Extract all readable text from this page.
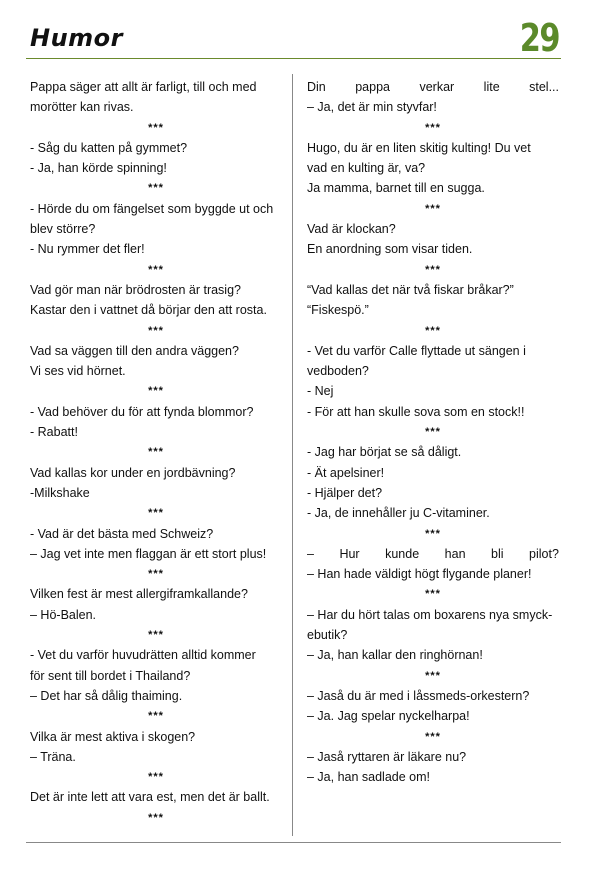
Humor	29
Pappa säger att allt är farligt, till och med
morötter kan rivas.
***
- Såg du katten på gymmet?
- Ja, han körde spinning!
***
- Hörde du om fängelset som byggde ut och
blev större?
- Nu rymmer det fler!
***
Vad gör man när brödrosten är trasig?
Kastar den i vattnet då börjar den att rosta.
***
Vad sa väggen till den andra väggen?
Vi ses vid hörnet.
***
- Vad behöver du för att fynda blommor?
- Rabatt!
***
Vad kallas kor under en jordbävning?
-Milkshake
***
- Vad är det bästa med Schweiz?
– Jag vet inte men flaggan är ett stort plus!
***
Vilken fest är mest allergiframkallande?
– Hö-Balen.
***
- Vet du varför huvudrätten alltid kommer
för sent till bordet i Thailand?
– Det har så dålig thaiming.
***
Vilka är mest aktiva i skogen?
– Träna.
***
Det är inte lett att vara est, men det är ballt.
***
Din pappa verkar lite stel...
– Ja, det är min styvfar!
***
Hugo, du är en liten skitig kulting! Du vet
vad en kulting är, va?
Ja mamma, barnet till en sugga.
***
Vad är klockan?
En anordning som visar tiden.
***
“Vad kallas det när två fiskar bråkar?”
“Fiskespö.”
***
- Vet du varför Calle flyttade ut sängen i
vedboden?
- Nej
- För att han skulle sova som en stock!!
***
- Jag har börjat se så dåligt.
- Ät apelsiner!
- Hjälper det?
- Ja, de innehåller ju C-vitaminer.
***
– Hur kunde han bli pilot?
– Han hade väldigt högt flygande planer!
***
– Har du hört talas om boxarens nya smyck-
ebutik?
– Ja, han kallar den ringhörnan!
***
– Jaså du är med i låssmeds-orkestern?
– Ja. Jag spelar nyckelharpa!
***
– Jaså ryttaren är läkare nu?
– Ja, han sadlade om!
